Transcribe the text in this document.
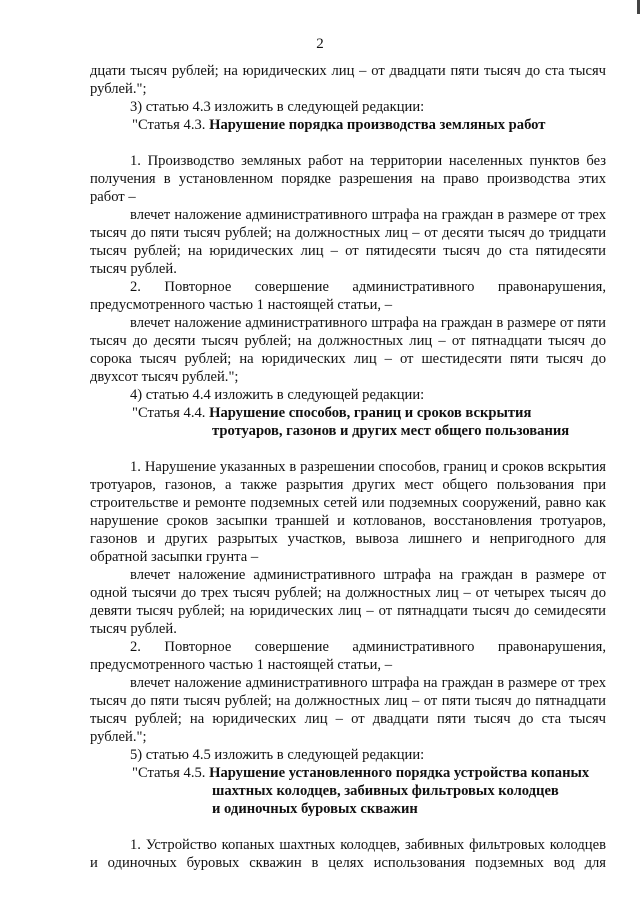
2

дцати тысяч рублей; на юридических лиц – от двадцати пяти тысяч до ста тысяч рублей.";

3) статью 4.3 изложить в следующей редакции:

"Статья 4.3. Нарушение порядка производства земляных работ

1. Производство земляных работ на территории населенных пунктов без получения в установленном порядке разрешения на право производства этих работ –

влечет наложение административного штрафа на граждан в размере от трех тысяч до пяти тысяч рублей; на должностных лиц – от десяти тысяч до тридцати тысяч рублей; на юридических лиц – от пятидесяти тысяч до ста пятидесяти тысяч рублей.

2. Повторное совершение административного правонарушения, предусмотренного частью 1 настоящей статьи, –

влечет наложение административного штрафа на граждан в размере от пяти тысяч до десяти тысяч рублей; на должностных лиц – от пятнадцати тысяч до сорока тысяч рублей; на юридических лиц – от шестидесяти пяти тысяч до двухсот тысяч рублей.";

4) статью 4.4 изложить в следующей редакции:

"Статья 4.4. Нарушение способов, границ и сроков вскрытия
тротуаров, газонов и других мест общего пользования

1. Нарушение указанных в разрешении способов, границ и сроков вскрытия тротуаров, газонов, а также разрытия других мест общего пользования при строительстве и ремонте подземных сетей или подземных сооружений, равно как нарушение сроков засыпки траншей и котлованов, восстановления тротуаров, газонов и других разрытых участков, вывоза лишнего и непригодного для обратной засыпки грунта –

влечет наложение административного штрафа на граждан в размере от одной тысячи до трех тысяч рублей; на должностных лиц – от четырех тысяч до девяти тысяч рублей; на юридических лиц – от пятнадцати тысяч до семидесяти тысяч рублей.

2. Повторное совершение административного правонарушения, предусмотренного частью 1 настоящей статьи, –

влечет наложение административного штрафа на граждан в размере от трех тысяч до пяти тысяч рублей; на должностных лиц – от пяти тысяч до пятнадцати тысяч рублей; на юридических лиц – от двадцати пяти тысяч до ста тысяч рублей.";

5) статью 4.5 изложить в следующей редакции:

"Статья 4.5. Нарушение установленного порядка устройства копаных
шахтных колодцев, забивных фильтровых колодцев
и одиночных буровых скважин

1. Устройство копаных шахтных колодцев, забивных фильтровых колодцев и одиночных буровых скважин в целях использования подземных вод для
